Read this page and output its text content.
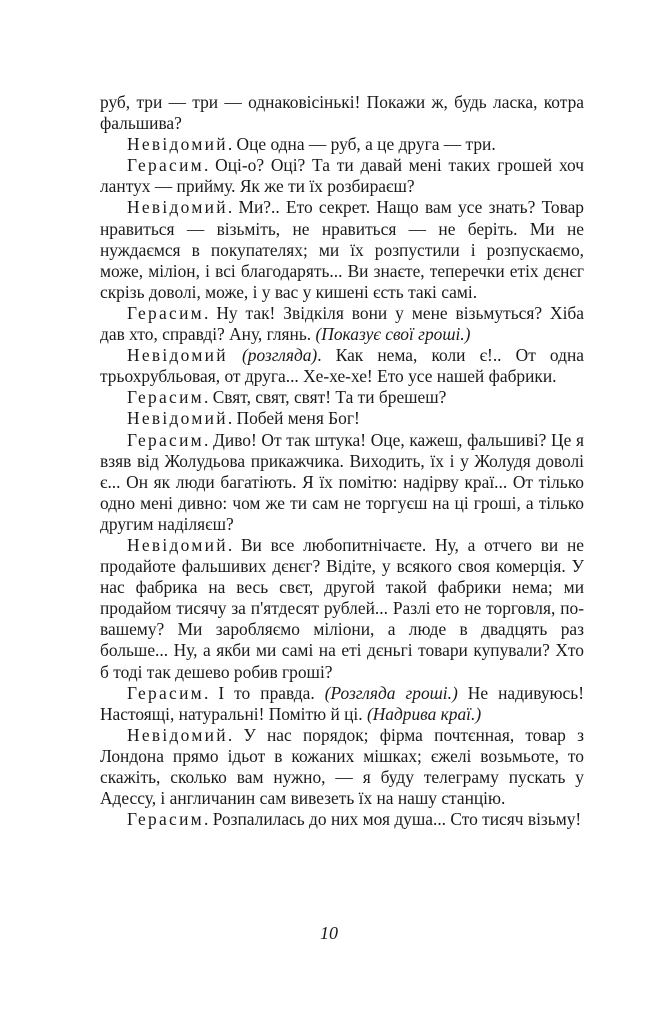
руб, три — три — однаковісінькі! Покажи ж, будь ласка, котра фальшива?

Невідомий. Оце одна — руб, а це друга — три.

Герасим. Оці-о? Оці? Та ти давай мені таких грошей хоч лантух — прийму. Як же ти їх розбираєш?

Невідомий. Ми?.. Ето секрет. Нащо вам усе знать? Товар нравиться — візьміть, не нравиться — не беріть. Ми не нуждаємся в покупателях; ми їх розпустили і розпускаємо, може, міліон, і всі благодарять... Ви знаєте, теперечки етіх дєнєг скрізь доволі, може, і у вас у кишені єсть такі самі.

Герасим. Ну так! Звідкіля вони у мене візьмуться? Хіба дав хто, справді? Ану, глянь. (Показує свої гроші.)

Невідомий (розгляда). Как нема, коли є!.. От одна трьохрубльовая, от друга... Хе-хе-хе! Ето усе нашей фабрики.

Герасим. Свят, свят, свят! Та ти брешеш?

Невідомий. Побей меня Бог!

Герасим. Диво! От так штука! Оце, кажеш, фальшиві? Це я взяв від Жолудьова прикажчика. Виходить, їх і у Жолудя доволі є... Он як люди багатіють. Я їх помітю: надірву краї... От тілько одно мені дивно: чом же ти сам не торгуєш на ці гроші, а тілько другим наділяєш?

Невідомий. Ви все любопитнічаєте. Ну, а отчего ви не продайоте фальшивих дєнєг? Відіте, у всякого своя комерція. У нас фабрика на весь свєт, другой такой фабрики нема; ми продайом тисячу за п'ятдесят рублей... Разлі ето не торговля, по-вашему? Ми заробляємо міліони, а люде в двадцять раз больше... Ну, а якби ми самі на еті дєньгі товари купували? Хто б тоді так дешево робив гроші?

Герасим. І то правда. (Розгляда гроші.) Не надивуюсь! Настоящі, натуральні! Помітю й ці. (Надрива краї.)

Невідомий. У нас порядок; фірма почтєнная, товар з Лондона прямо ідьот в кожаних мішках; єжелі возьмьоте, то скажіть, сколько вам нужно, — я буду телеграму пускать у Адессу, і англичанин сам вивезеть їх на нашу станцію.

Герасим. Розпалилась до них моя душа... Сто тисяч візьму!

10
